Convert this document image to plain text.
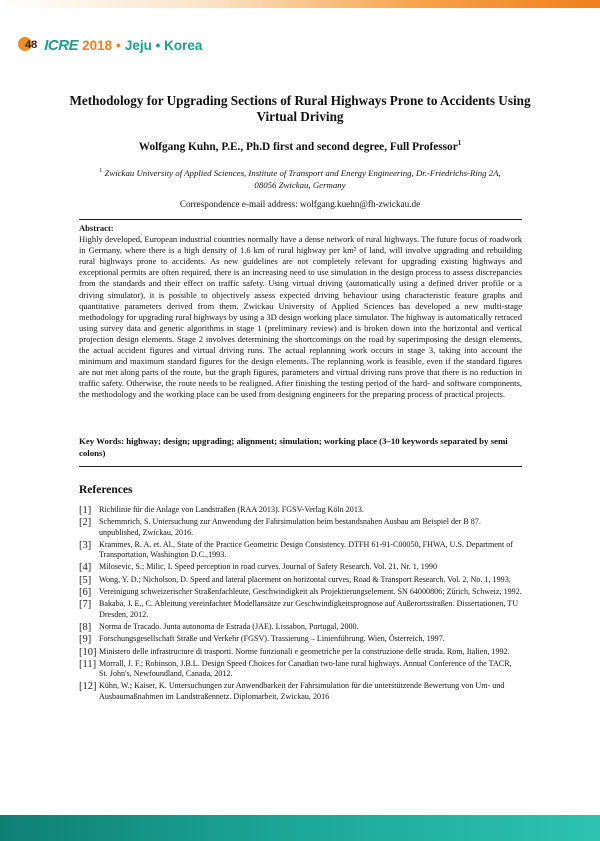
48 ICRE 2018 • Jeju • Korea
Methodology for Upgrading Sections of Rural Highways Prone to Accidents Using Virtual Driving
Wolfgang Kuhn, P.E., Ph.D first and second degree, Full Professor$^1$
$^1$ Zwickau University of Applied Sciences, Institute of Transport and Energy Engineering, Dr.-Friedrichs-Ring 2A, 08056 Zwickau, Germany
Correspondence e-mail address: wolfgang.kuehn@fh-zwickau.de
Abstract:
Highly developed, European industrial countries normally have a dense network of rural highways. The future focus of roadwork in Germany, where there is a high density of 1.6 km of rural highway per km² of land, will involve upgrading and rebuilding rural highways prone to accidents. As new guidelines are not completely relevant for upgrading existing highways and exceptional permits are often required, there is an increasing need to use simulation in the design process to assess discrepancies from the standards and their effect on traffic safety. Using virtual driving (automatically using a defined driver profile or a driving simulator), it is possible to objectively assess expected driving behaviour using characteristic feature graphs and quantitative parameters derived from them. Zwickau University of Applied Sciences has developed a new multi-stage methodology for upgrading rural highways by using a 3D design working place simulator. The highway is automatically retraced using survey data and genetic algorithms in stage 1 (preliminary review) and is broken down into the horizontal and vertical projection design elements. Stage 2 involves determining the shortcomings on the road by superimposing the design elements, the actual accident figures and virtual driving runs. The actual replanning work occurs in stage 3, taking into account the minimum and maximum standard figures for the design elements. The replanning work is feasible, even if the standard figures are not met along parts of the route, but the graph figures, parameters and virtual driving runs prove that there is no reduction in traffic safety. Otherwise, the route needs to be realigned. After finishing the testing period of the hard- and software components, the methodology and the working place can be used from designing engineers for the preparing process of practical projects.
Key Words: highway; design; upgrading; alignment; simulation; working place (3–10 keywords separated by semi colons)
References
[1] Richtlinie für die Anlage von Landstraßen (RAA 2013). FGSV-Verlag Köln 2013.
[2] Schemmrich, S. Untersuchung zur Anwendung der Fahrsimulation beim bestandsnahen Ausbau am Beispiel der B 87. unpublished, Zwickau, 2016.
[3] Krammes, R. A. et. Al., State of the Practice Geometric Design Consistency. DTFH 61-91-C00050, FHWA, U.S. Department of Transportation, Washington D.C.,1993.
[4] Milosevic, S.; Milic, I. Speed perception in road curves. Journal of Safety Research. Vol. 21, Nr. 1, 1990
[5] Wong, Y. D.; Nicholson, D. Speed and lateral placement on horizontal curves, Road & Transport Research. Vol. 2, No. 1, 1993.
[6] Vereinigung schweizerischer Straßenfachleute, Geschwindigkeit als Projektierungselement. SN 64000806; Zürich, Schweiz, 1992.
[7] Bakaba, J. E., C. Ableitung vereinfachter Modellansätze zur Geschwindigkeitsprognose auf Außerortsstraßen. Dissertationen, TU Dresden, 2012.
[8] Norma de Tracado. Junta autonoma de Estrada (JAE). Lissabon, Portugal, 2000.
[9] Forschungsgesellschaft Straße und Verkehr (FGSV). Trassierung – Linienführung. Wien, Österreich, 1997.
[10] Ministero delle infrastructure di trasporti. Norme funzionali e geometriche per la construzione delle strada. Rom, Italien, 1992.
[11] Morrall, J. F.; Robinson, J.B.L. Design Speed Choices for Canadian two-lane rural highways. Annual Conference of the TACR, St. John's, Newfoundland, Canada, 2012.
[12] Kühn, W.; Kaiser, K. Untersuchungen zur Anwendbarkeit der Fahrsimulation für die unterstützende Bewertung von Um- und Ausbaumaßnahmen im Landstraßennetz. Diplomarbeit, Zwickau, 2016
